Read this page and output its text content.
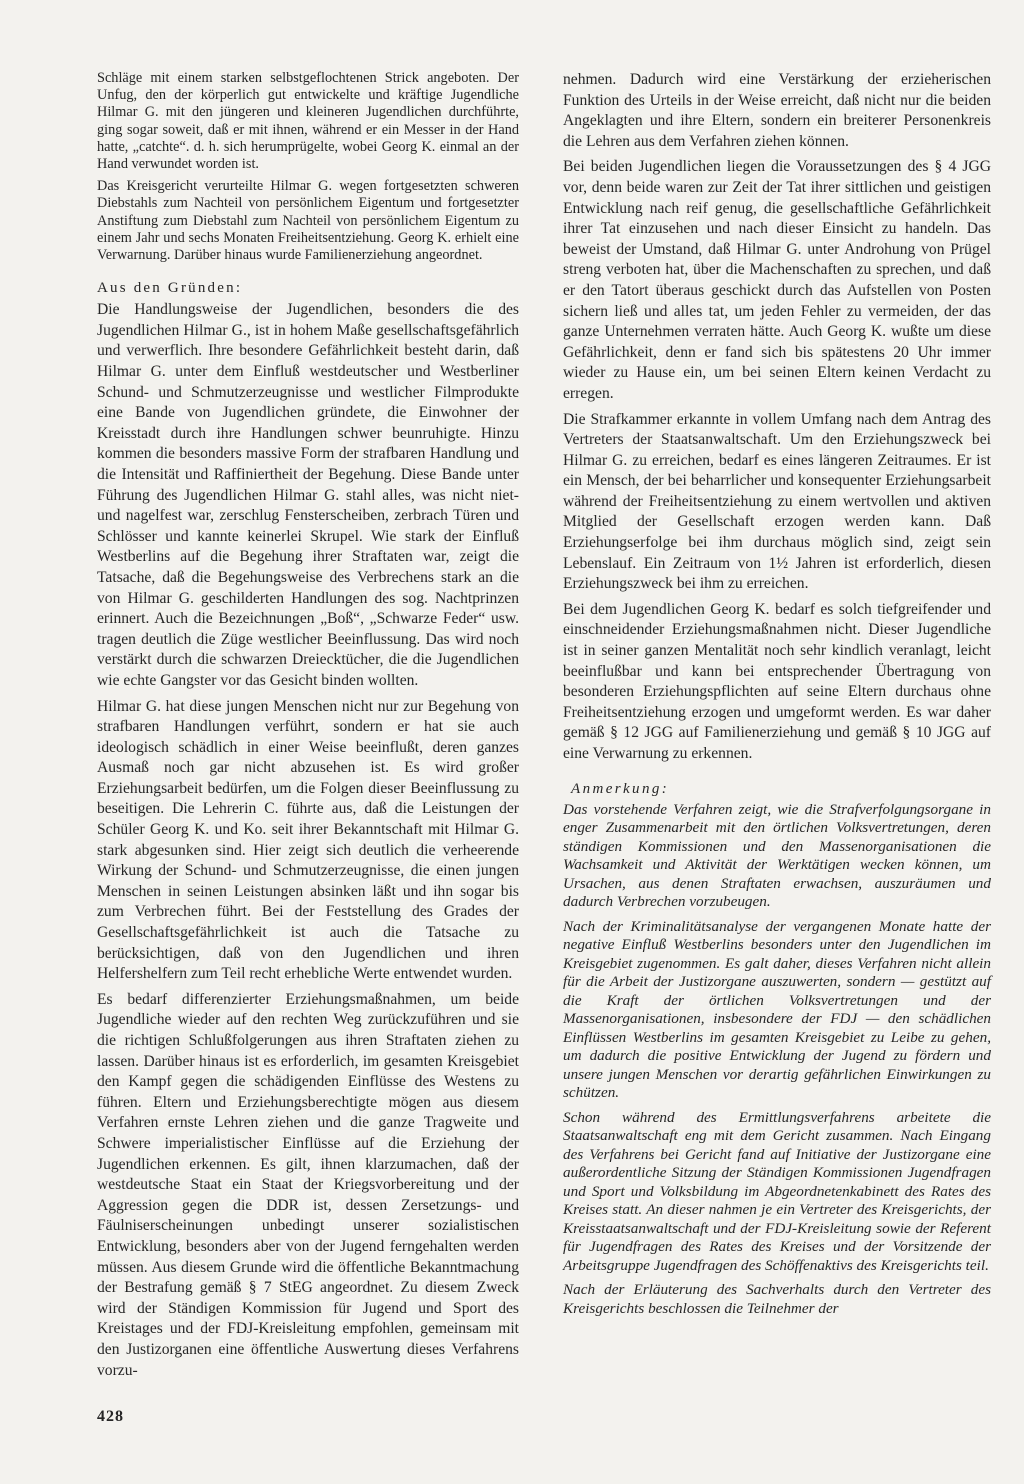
Schläge mit einem starken selbstgeflochtenen Strick angeboten. Der Unfug, den der körperlich gut entwickelte und kräftige Jugendliche Hilmar G. mit den jüngeren und kleineren Jugendlichen durchführte, ging sogar soweit, daß er mit ihnen, während er ein Messer in der Hand hatte, „catchte“. d. h. sich herumprügelte, wobei Georg K. einmal an der Hand verwundet worden ist.

Das Kreisgericht verurteilte Hilmar G. wegen fortgesetzten schweren Diebstahls zum Nachteil von persönlichem Eigentum und fortgesetzter Anstiftung zum Diebstahl zum Nachteil von persönlichem Eigentum zu einem Jahr und sechs Monaten Freiheitsentziehung. Georg K. erhielt eine Verwarnung. Darüber hinaus wurde Familienerziehung angeordnet.

Aus den Gründen:

Die Handlungsweise der Jugendlichen, besonders die des Jugendlichen Hilmar G., ist in hohem Maße gesellschaftsgefährlich und verwerflich. Ihre besondere Gefährlichkeit besteht darin, daß Hilmar G. unter dem Einfluß westdeutscher und Westberliner Schund- und Schmutzerzeugnisse und westlicher Filmprodukte eine Bande von Jugendlichen gründete, die Einwohner der Kreisstadt durch ihre Handlungen schwer beunruhigte. Hinzu kommen die besonders massive Form der strafbaren Handlung und die Intensität und Raffiniertheit der Begehung. Diese Bande unter Führung des Jugendlichen Hilmar G. stahl alles, was nicht niet- und nagelfest war, zerschlug Fensterscheiben, zerbrach Türen und Schlösser und kannte keinerlei Skrupel. Wie stark der Einfluß Westberlins auf die Begehung ihrer Straftaten war, zeigt die Tatsache, daß die Begehungsweise des Verbrechens stark an die von Hilmar G. geschilderten Handlungen des sog. Nachtprinzen erinnert. Auch die Bezeichnungen „Boß“, „Schwarze Feder“ usw. tragen deutlich die Züge westlicher Beeinflussung. Das wird noch verstärkt durch die schwarzen Dreiecktücher, die die Jugendlichen wie echte Gangster vor das Gesicht binden wollten.

Hilmar G. hat diese jungen Menschen nicht nur zur Begehung von strafbaren Handlungen verführt, sondern er hat sie auch ideologisch schädlich in einer Weise beeinflußt, deren ganzes Ausmaß noch gar nicht abzusehen ist. Es wird großer Erziehungsarbeit bedürfen, um die Folgen dieser Beeinflussung zu beseitigen. Die Lehrerin C. führte aus, daß die Leistungen der Schüler Georg K. und Ko. seit ihrer Bekanntschaft mit Hilmar G. stark abgesunken sind. Hier zeigt sich deutlich die verheerende Wirkung der Schund- und Schmutzerzeugnisse, die einen jungen Menschen in seinen Leistungen absinken läßt und ihn sogar bis zum Verbrechen führt. Bei der Feststellung des Grades der Gesellschaftsgefährlichkeit ist auch die Tatsache zu berücksichtigen, daß von den Jugendlichen und ihren Helfershelfern zum Teil recht erhebliche Werte entwendet wurden.

Es bedarf differenzierter Erziehungsmaßnahmen, um beide Jugendliche wieder auf den rechten Weg zurückzuführen und sie die richtigen Schlußfolgerungen aus ihren Straftaten ziehen zu lassen. Darüber hinaus ist es erforderlich, im gesamten Kreisgebiet den Kampf gegen die schädigenden Einflüsse des Westens zu führen. Eltern und Erziehungsberechtigte mögen aus diesem Verfahren ernste Lehren ziehen und die ganze Tragweite und Schwere imperialistischer Einflüsse auf die Erziehung der Jugendlichen erkennen. Es gilt, ihnen klarzumachen, daß der westdeutsche Staat ein Staat der Kriegsvorbereitung und der Aggression gegen die DDR ist, dessen Zersetzungs- und Fäulniserscheinungen unbedingt unserer sozialistischen Entwicklung, besonders aber von der Jugend ferngehalten werden müssen. Aus diesem Grunde wird die öffentliche Bekanntmachung der Bestrafung gemäß § 7 StEG angeordnet. Zu diesem Zweck wird der Ständigen Kommission für Jugend und Sport des Kreistages und der FDJ-Kreisleitung empfohlen, gemeinsam mit den Justizorganen eine öffentliche Auswertung dieses Verfahrens vorzu-

nehmen. Dadurch wird eine Verstärkung der erzieherischen Funktion des Urteils in der Weise erreicht, daß nicht nur die beiden Angeklagten und ihre Eltern, sondern ein breiterer Personenkreis die Lehren aus dem Verfahren ziehen können.

Bei beiden Jugendlichen liegen die Voraussetzungen des § 4 JGG vor, denn beide waren zur Zeit der Tat ihrer sittlichen und geistigen Entwicklung nach reif genug, die gesellschaftliche Gefährlichkeit ihrer Tat einzusehen und nach dieser Einsicht zu handeln. Das beweist der Umstand, daß Hilmar G. unter Androhung von Prügel streng verboten hat, über die Machenschaften zu sprechen, und daß er den Tatort überaus geschickt durch das Aufstellen von Posten sichern ließ und alles tat, um jeden Fehler zu vermeiden, der das ganze Unternehmen verraten hätte. Auch Georg K. wußte um diese Gefährlichkeit, denn er fand sich bis spätestens 20 Uhr immer wieder zu Hause ein, um bei seinen Eltern keinen Verdacht zu erregen.

Die Strafkammer erkannte in vollem Umfang nach dem Antrag des Vertreters der Staatsanwaltschaft. Um den Erziehungszweck bei Hilmar G. zu erreichen, bedarf es eines längeren Zeitraumes. Er ist ein Mensch, der bei beharrlicher und konsequenter Erziehungsarbeit während der Freiheitsentziehung zu einem wertvollen und aktiven Mitglied der Gesellschaft erzogen werden kann. Daß Erziehungserfolge bei ihm durchaus möglich sind, zeigt sein Lebenslauf. Ein Zeitraum von 1½ Jahren ist erforderlich, diesen Erziehungszweck bei ihm zu erreichen.

Bei dem Jugendlichen Georg K. bedarf es solch tiefgreifender und einschneidender Erziehungsmaßnahmen nicht. Dieser Jugendliche ist in seiner ganzen Mentalität noch sehr kindlich veranlagt, leicht beeinflußbar und kann bei entsprechender Übertragung von besonderen Erziehungspflichten auf seine Eltern durchaus ohne Freiheitsentziehung erzogen und umgeformt werden. Es war daher gemäß § 12 JGG auf Familienerziehung und gemäß § 10 JGG auf eine Verwarnung zu erkennen.

Anmerkung:

Das vorstehende Verfahren zeigt, wie die Strafverfolgungsorgane in enger Zusammenarbeit mit den örtlichen Volksvertretungen, deren ständigen Kommissionen und den Massenorganisationen die Wachsamkeit und Aktivität der Werktätigen wecken können, um Ursachen, aus denen Straftaten erwachsen, auszuräumen und dadurch Verbrechen vorzubeugen.

Nach der Kriminalitätsanalyse der vergangenen Monate hatte der negative Einfluß Westberlins besonders unter den Jugendlichen im Kreisgebiet zugenommen. Es galt daher, dieses Verfahren nicht allein für die Arbeit der Justizorgane auszuwerten, sondern — gestützt auf die Kraft der örtlichen Volksvertretungen und der Massenorganisationen, insbesondere der FDJ — den schädlichen Einflüssen Westberlins im gesamten Kreisgebiet zu Leibe zu gehen, um dadurch die positive Entwicklung der Jugend zu fördern und unsere jungen Menschen vor derartig gefährlichen Einwirkungen zu schützen.

Schon während des Ermittlungsverfahrens arbeitete die Staatsanwaltschaft eng mit dem Gericht zusammen. Nach Eingang des Verfahrens bei Gericht fand auf Initiative der Justizorgane eine außerordentliche Sitzung der Ständigen Kommissionen Jugendfragen und Sport und Volksbildung im Abgeordnetenkabinett des Rates des Kreises statt. An dieser nahmen je ein Vertreter des Kreisgerichts, der Kreisstaatsanwaltschaft und der FDJ-Kreisleitung sowie der Referent für Jugendfragen des Rates des Kreises und der Vorsitzende der Arbeitsgruppe Jugendfragen des Schöffenaktivs des Kreisgerichts teil.

Nach der Erläuterung des Sachverhalts durch den Vertreter des Kreisgerichts beschlossen die Teilnehmer der

428
